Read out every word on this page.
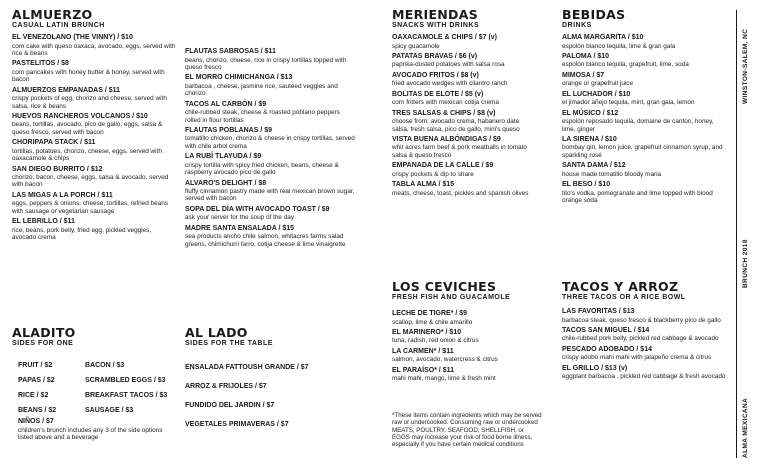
ALMUERZO
CASUAL LATIN BRUNCH
EL VENEZOLANO (THE VINNY) / $10
corn cake with queso oaxaca, avocado, eggs, served with rice & beans
PASTELITOS / $8
corn pancakes with honey butter & honey, served with bacon
ALMUERZOS EMPANADAS / $11
crispy pockets of egg, chorizo and cheese, served with salsa, rice & beans
HUEVOS RANCHEROS VOLCANOS / $10
beans, tortillas, avocado, pico de gallo, eggs, salsa & queso fresco, served with bacon
CHORIPAPA STACK / $11
tortillas, potatoes, chorizo, cheese, eggs, served with oaxacamole & chips
SAN DIEGO BURRITO / $12
chorizo, bacon, cheese, eggs, salsa & avocado, served with bacon
LAS MIGAS A LA PORCH / $11
eggs, peppers & onions, cheese, tortillas, refried beans with sausage or vegetarian sausage
EL LEBRILLO / $11
rice, beans, pork belly, fried egg, pickled veggies, avocado crema
FLAUTAS SABROSAS / $11
beans, chorizo, cheese, rice in crispy tortillas topped with queso fresco
EL MORRO CHIMICHANGA / $13
barbacoa , cheese, jasmine rice, sautéed veggies and chorizo
TACOS AL CARBÓN / $9
chile-rubbed steak, cheese & roasted poblano peppers rolled in flour tortillas
FLAUTAS POBLANAS / $9
tomatillo chicken, chorizo & cheese in crispy tortillas, served with chile arbol crema
LA RUBÍ TLAYUDA / $9
crispy tortilla with spicy fried chicken, beans, cheese & raspberry avocado pico de gallo
ALVARO'S DELIGHT / $8
fluffy cinnamon pastry made with real mexican brown sugar, served with bacon
SOPA DEL DÍA WITH AVOCADO TOAST / $9
ask your server for the soup of the day
MADRE SANTA ENSALADA / $15
sea products ancho chile salmon, whitacres farms salad greens, chimichurri farro, cotija cheese & lime vinaigrette
ALADITO
SIDES FOR ONE
FRUIT / $2
PAPAS / $2
RICE / $2
BEANS / $2
BACON / $3
SCRAMBLED EGGS / $3
BREAKFAST TACOS / $3
SAUSAGE / $3
NIÑOS / $7
children's brunch includes any 3 of the side options listed above and a beverage
AL LADO
SIDES FOR THE TABLE
ENSALADA FATTOUSH GRANDE / $7
ARROZ & FRIJOLES / $7
FUNDIDO DEL JARDIN / $7
VEGETALES PRIMAVERAS / $7
MERIENDAS
SNACKS WITH DRINKS
OAXACAMOLE & CHIPS / $7 (v)
spicy guacamole
PATATAS BRAVAS / $6 (v)
paprika-dusted potatoes with salsa rosa
AVOCADO FRITOS / $8 (v)
fried avocado wedges with cilantro ranch
BOLITAS DE ELOTE / $5 (v)
corn fritters with mexican cotija crema
TRES SALSAS & CHIPS / $8 (v)
choose from: avocado crema, habanero date salsa, fresh salsa, pico de gallo, mini's queso
VISTA BUENA ALBÓNDIGAS / $9
whit acres farm beef & pork meatballs in tomato salsa & queso fresco
EMPANADA DE LA CALLE / $9
crispy pockets & dip to share
TABLA ALMA / $15
meats, cheese, toast, pickles and spanish olives
LOS CEVICHES
FRESH FISH AND GUACAMOLE
LECHE DE TIGRE* / $9
scallop, lime & chile amarillo
EL MARINERO* / $10
tuna, radish, red onion & citrus
LA CARMEN* / $11
salmon, avocado, watercress & citrus
EL PARAÍSO* / $11
mahi mahi, mango, lime & fresh mint
*These items contain ingredients which may be served raw or undercooked. Consuming raw or undercooked MEATS, POULTRY, SEAFOOD, SHELLFISH, or EGGS may increase your risk of food borne illness, especially if you have certain medical conditions
BEBIDAS
DRINKS
ALMA MARGARITA / $10
espolòn blanco tequila, lime & gran gala
PALOMA / $10
espolòn blanco tequila, grapefruit, lime, soda
MIMOSA / $7
orange or grapefruit juice
EL LUCHADOR / $10
el jimador añejo tequila, mint, gran gala, lemon
EL MÚSICO / $12
espolòn reposado tequila, domaine de canton, honey, lime, ginger
LA SIRENA / $10
bombay gin, lemon juice, grapefruit cinnamon syrup, and sparkling rosé
SANTA DAMA / $12
house made tomatillo bloody maria
EL BESO / $10
tito's vodka, pomegranate and lime topped with blood orange soda
TACOS Y ARROZ
THREE TACOS OR A RICE BOWL
LAS FAVORITAS / $13
barbacoa steak, queso fresco & blackberry pico de gallo
TACOS SAN MIGUEL / $14
chile-rubbed pork belly, pickled red cabbage & avocado
PESCADO ADOBADO / $14
crispy adobo mahi mahi with jalapeño crema & citrus
EL GRILLO / $13 (v)
eggplant barbacoa , pickled red cabbage & fresh avocado
WINSTON-SALEM, NC
BRUNCH 2018
ALMA MEXICANA
